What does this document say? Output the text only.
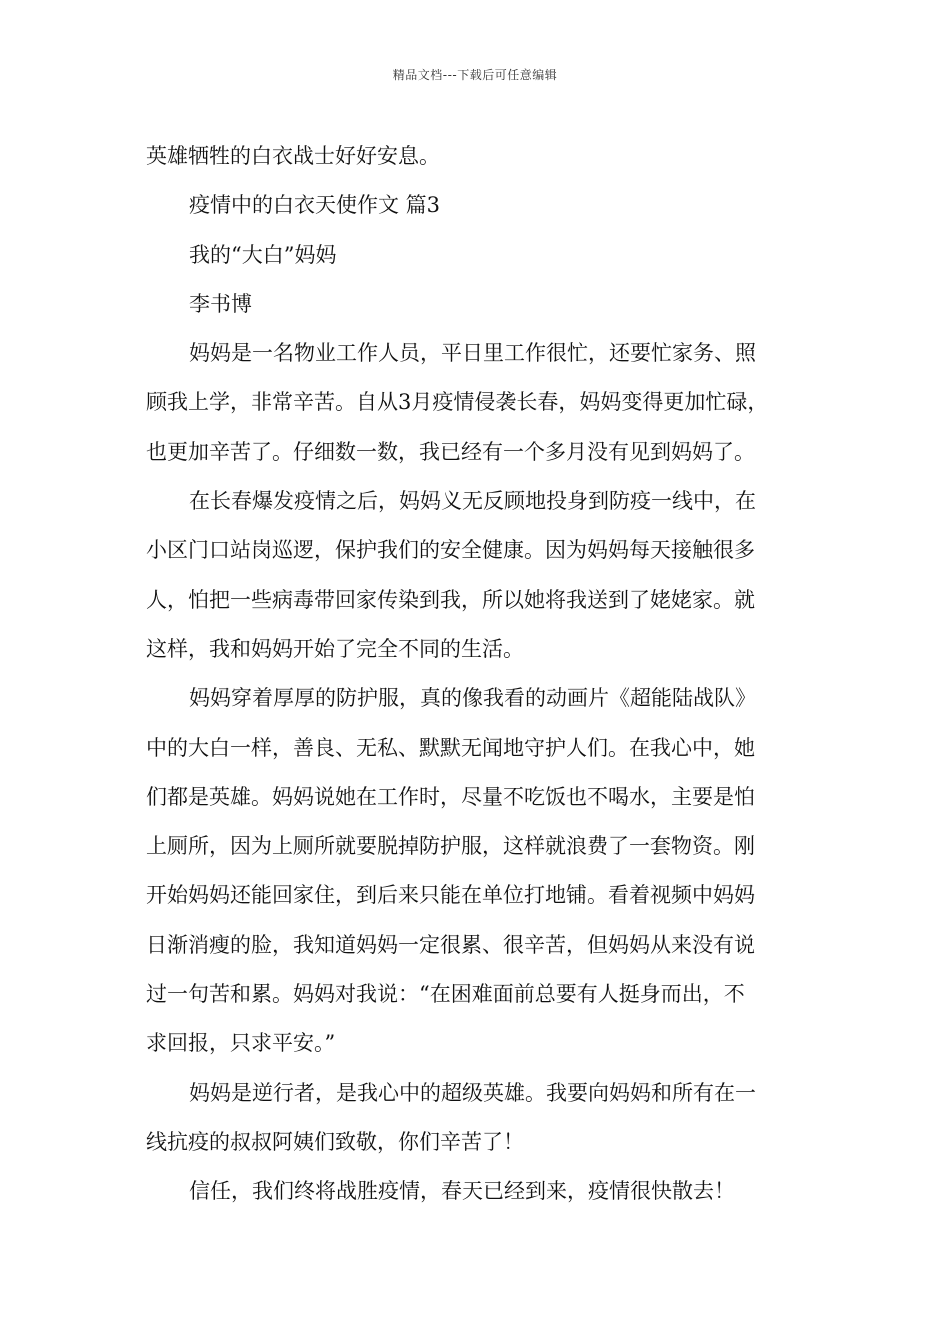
精品文档---下载后可任意编辑
英雄牺牲的白衣战士好好安息。
疫情中的白衣天使作文 篇3
我的“大白”妈妈
李书博
妈妈是一名物业工作人员，平日里工作很忙，还要忙家务、照
顾我上学，非常辛苦。自从3月疫情侵袭长春，妈妈变得更加忙碌，
也更加辛苦了。仔细数一数，我已经有一个多月没有见到妈妈了。
在长春爆发疫情之后，妈妈义无反顾地投身到防疫一线中，在
小区门口站岗巡逻，保护我们的安全健康。因为妈妈每天接触很多
人，怕把一些病毒带回家传染到我，所以她将我送到了姥姥家。就
这样，我和妈妈开始了完全不同的生活。
妈妈穿着厚厚的防护服，真的像我看的动画片《超能陆战队》
中的大白一样，善良、无私、默默无闻地守护人们。在我心中，她
们都是英雄。妈妈说她在工作时，尽量不吃饭也不喝水，主要是怕
上厕所，因为上厕所就要脱掉防护服，这样就浪费了一套物资。刚
开始妈妈还能回家住，到后来只能在单位打地铺。看着视频中妈妈
日渐消瘦的脸，我知道妈妈一定很累、很辛苦，但妈妈从来没有说
过一句苦和累。妈妈对我说：“在困难面前总要有人挺身而出，不
求回报，只求平安。”
妈妈是逆行者，是我心中的超级英雄。我要向妈妈和所有在一
线抗疫的叔叔阿姨们致敬，你们辛苦了！
信任，我们终将战胜疫情，春天已经到来，疫情很快散去！
